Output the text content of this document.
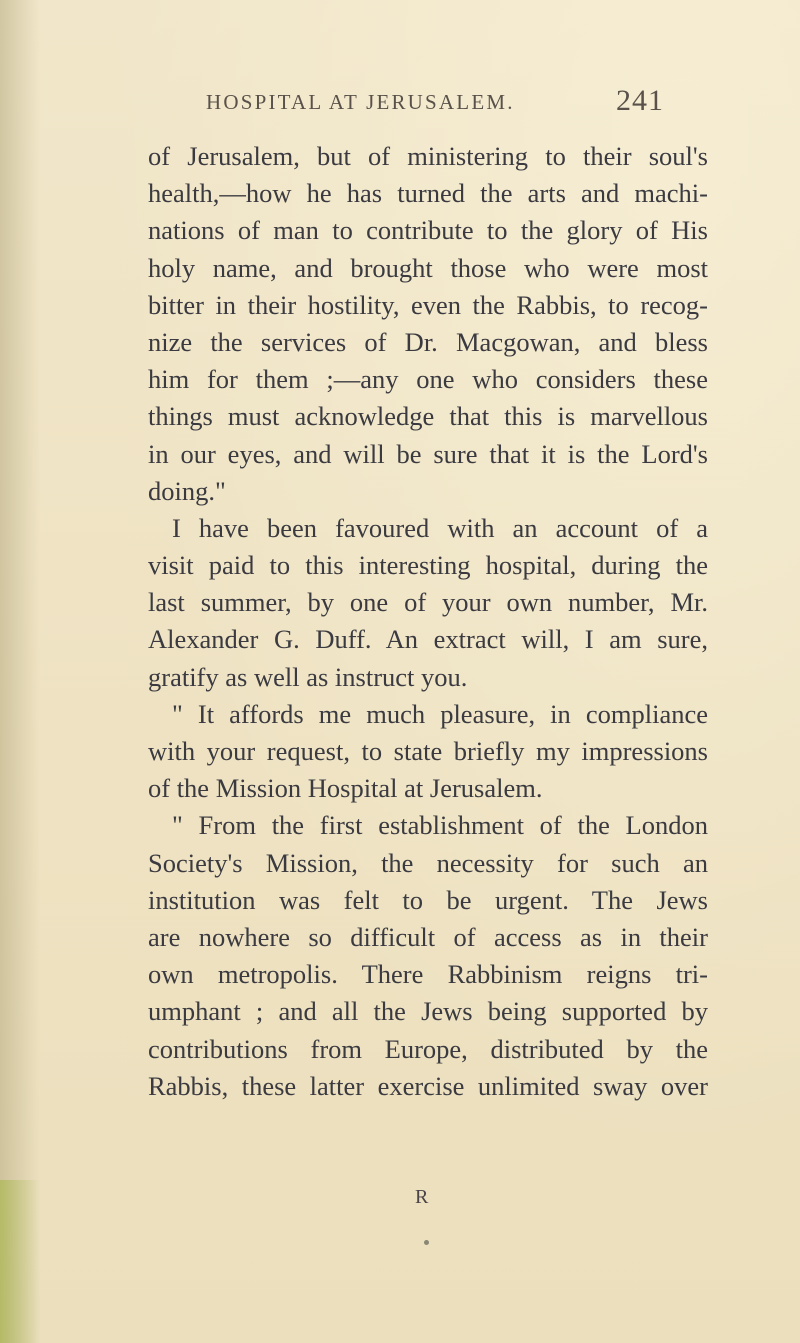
HOSPITAL AT JERUSALEM.	241
of Jerusalem, but of ministering to their soul's
health,—how he has turned the arts and machi-
nations of man to contribute to the glory of His
holy name, and brought those who were most
bitter in their hostility, even the Rabbis, to recog-
nize the services of Dr. Macgowan, and bless
him for them ;—any one who considers these
things must acknowledge that this is marvellous
in our eyes, and will be sure that it is the Lord's
doing."
I have been favoured with an account of a
visit paid to this interesting hospital, during the
last summer, by one of your own number, Mr.
Alexander G. Duff. An extract will, I am sure,
gratify as well as instruct you.
" It affords me much pleasure, in compliance
with your request, to state briefly my impressions
of the Mission Hospital at Jerusalem.
" From the first establishment of the London
Society's Mission, the necessity for such an
institution was felt to be urgent. The Jews
are nowhere so difficult of access as in their
own metropolis. There Rabbinism reigns tri-
umphant ; and all the Jews being supported by
contributions from Europe, distributed by the
Rabbis, these latter exercise unlimited sway over
R
